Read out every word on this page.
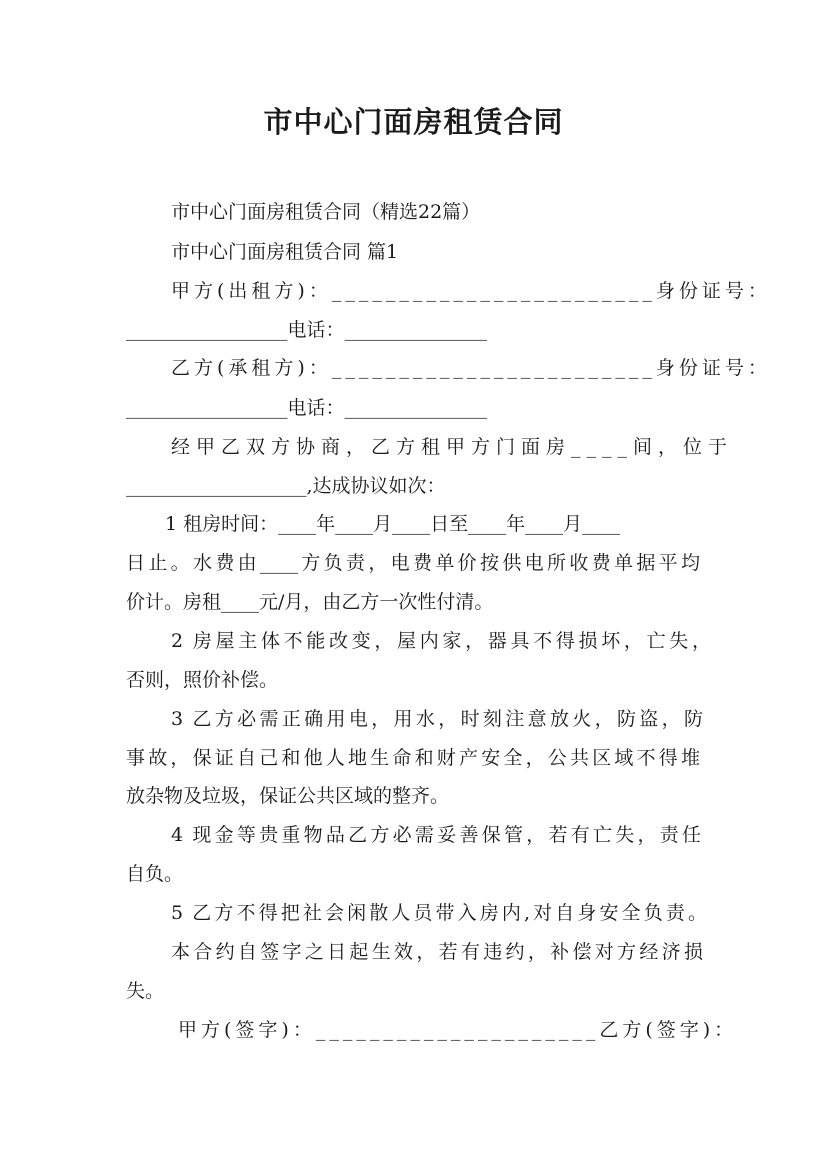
市中心门面房租赁合同
市中心门面房租赁合同（精选22篇）
市中心门面房租赁合同 篇1
甲方(出租方)：________________________身份证号：
_________________电话：_______________
乙方(承租方)：________________________身份证号：
_________________电话：_______________
经甲乙双方协商，乙方租甲方门面房____间，位于
___________________,达成协议如次：
1 租房时间：____年____月____日至____年____月____
日止。水费由____方负责，电费单价按供电所收费单据平均
价计。房租____元/月，由乙方一次性付清。
2 房屋主体不能改变，屋内家，器具不得损坏，亡失，
否则，照价补偿。
3 乙方必需正确用电，用水，时刻注意放火，防盗，防
事故，保证自己和他人地生命和财产安全，公共区域不得堆
放杂物及垃圾，保证公共区域的整齐。
4 现金等贵重物品乙方必需妥善保管，若有亡失，责任
自负。
5 乙方不得把社会闲散人员带入房内,对自身安全负责。
本合约自签字之日起生效，若有违约，补偿对方经济损
失。
甲方(签字)：_____________________乙方(签字)：
